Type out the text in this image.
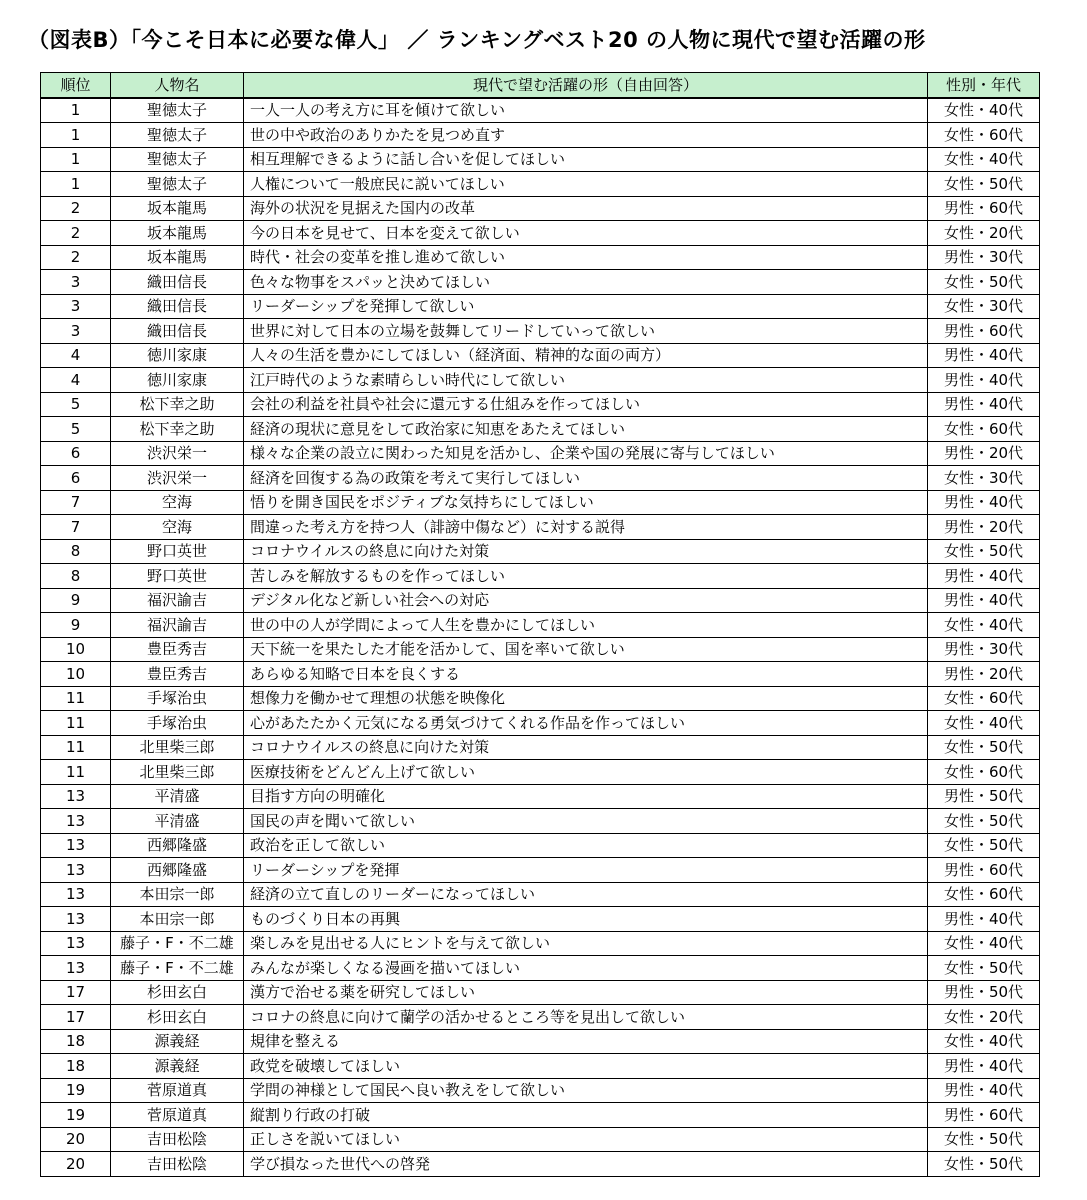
（図表B）「今こそ日本に必要な偉人」 ／ ランキングベスト20 の人物に現代で望む活躍の形
順位	人物名	現代で望む活躍の形（自由回答）	性別・年代
1	聖徳太子	一人一人の考え方に耳を傾けて欲しい	女性・40代
1	聖徳太子	世の中や政治のありかたを見つめ直す	女性・60代
1	聖徳太子	相互理解できるように話し合いを促してほしい	女性・40代
1	聖徳太子	人権について一般庶民に説いてほしい	女性・50代
2	坂本龍馬	海外の状況を見据えた国内の改革	男性・60代
2	坂本龍馬	今の日本を見せて、日本を変えて欲しい	女性・20代
2	坂本龍馬	時代・社会の変革を推し進めて欲しい	男性・30代
3	織田信長	色々な物事をスパッと決めてほしい	女性・50代
3	織田信長	リーダーシップを発揮して欲しい	女性・30代
3	織田信長	世界に対して日本の立場を鼓舞してリードしていって欲しい	男性・60代
4	徳川家康	人々の生活を豊かにしてほしい（経済面、精神的な面の両方）	男性・40代
4	徳川家康	江戸時代のような素晴らしい時代にして欲しい	男性・40代
5	松下幸之助	会社の利益を社員や社会に還元する仕組みを作ってほしい	男性・40代
5	松下幸之助	経済の現状に意見をして政治家に知恵をあたえてほしい	女性・60代
6	渋沢栄一	様々な企業の設立に関わった知見を活かし、企業や国の発展に寄与してほしい	男性・20代
6	渋沢栄一	経済を回復する為の政策を考えて実行してほしい	女性・30代
7	空海	悟りを開き国民をポジティブな気持ちにしてほしい	男性・40代
7	空海	間違った考え方を持つ人（誹謗中傷など）に対する説得	男性・20代
8	野口英世	コロナウイルスの終息に向けた対策	女性・50代
8	野口英世	苦しみを解放するものを作ってほしい	男性・40代
9	福沢諭吉	デジタル化など新しい社会への対応	男性・40代
9	福沢諭吉	世の中の人が学問によって人生を豊かにしてほしい	女性・40代
10	豊臣秀吉	天下統一を果たした才能を活かして、国を率いて欲しい	男性・30代
10	豊臣秀吉	あらゆる知略で日本を良くする	男性・20代
11	手塚治虫	想像力を働かせて理想の状態を映像化	女性・60代
11	手塚治虫	心があたたかく元気になる勇気づけてくれる作品を作ってほしい	女性・40代
11	北里柴三郎	コロナウイルスの終息に向けた対策	女性・50代
11	北里柴三郎	医療技術をどんどん上げて欲しい	女性・60代
13	平清盛	目指す方向の明確化	男性・50代
13	平清盛	国民の声を聞いて欲しい	女性・50代
13	西郷隆盛	政治を正して欲しい	女性・50代
13	西郷隆盛	リーダーシップを発揮	男性・60代
13	本田宗一郎	経済の立て直しのリーダーになってほしい	女性・60代
13	本田宗一郎	ものづくり日本の再興	男性・40代
13	藤子・F・不二雄	楽しみを見出せる人にヒントを与えて欲しい	女性・40代
13	藤子・F・不二雄	みんなが楽しくなる漫画を描いてほしい	女性・50代
17	杉田玄白	漢方で治せる薬を研究してほしい	男性・50代
17	杉田玄白	コロナの終息に向けて蘭学の活かせるところ等を見出して欲しい	女性・20代
18	源義経	規律を整える	女性・40代
18	源義経	政党を破壊してほしい	男性・40代
19	菅原道真	学問の神様として国民へ良い教えをして欲しい	男性・40代
19	菅原道真	縦割り行政の打破	男性・60代
20	吉田松陰	正しさを説いてほしい	女性・50代
20	吉田松陰	学び損なった世代への啓発	女性・50代
